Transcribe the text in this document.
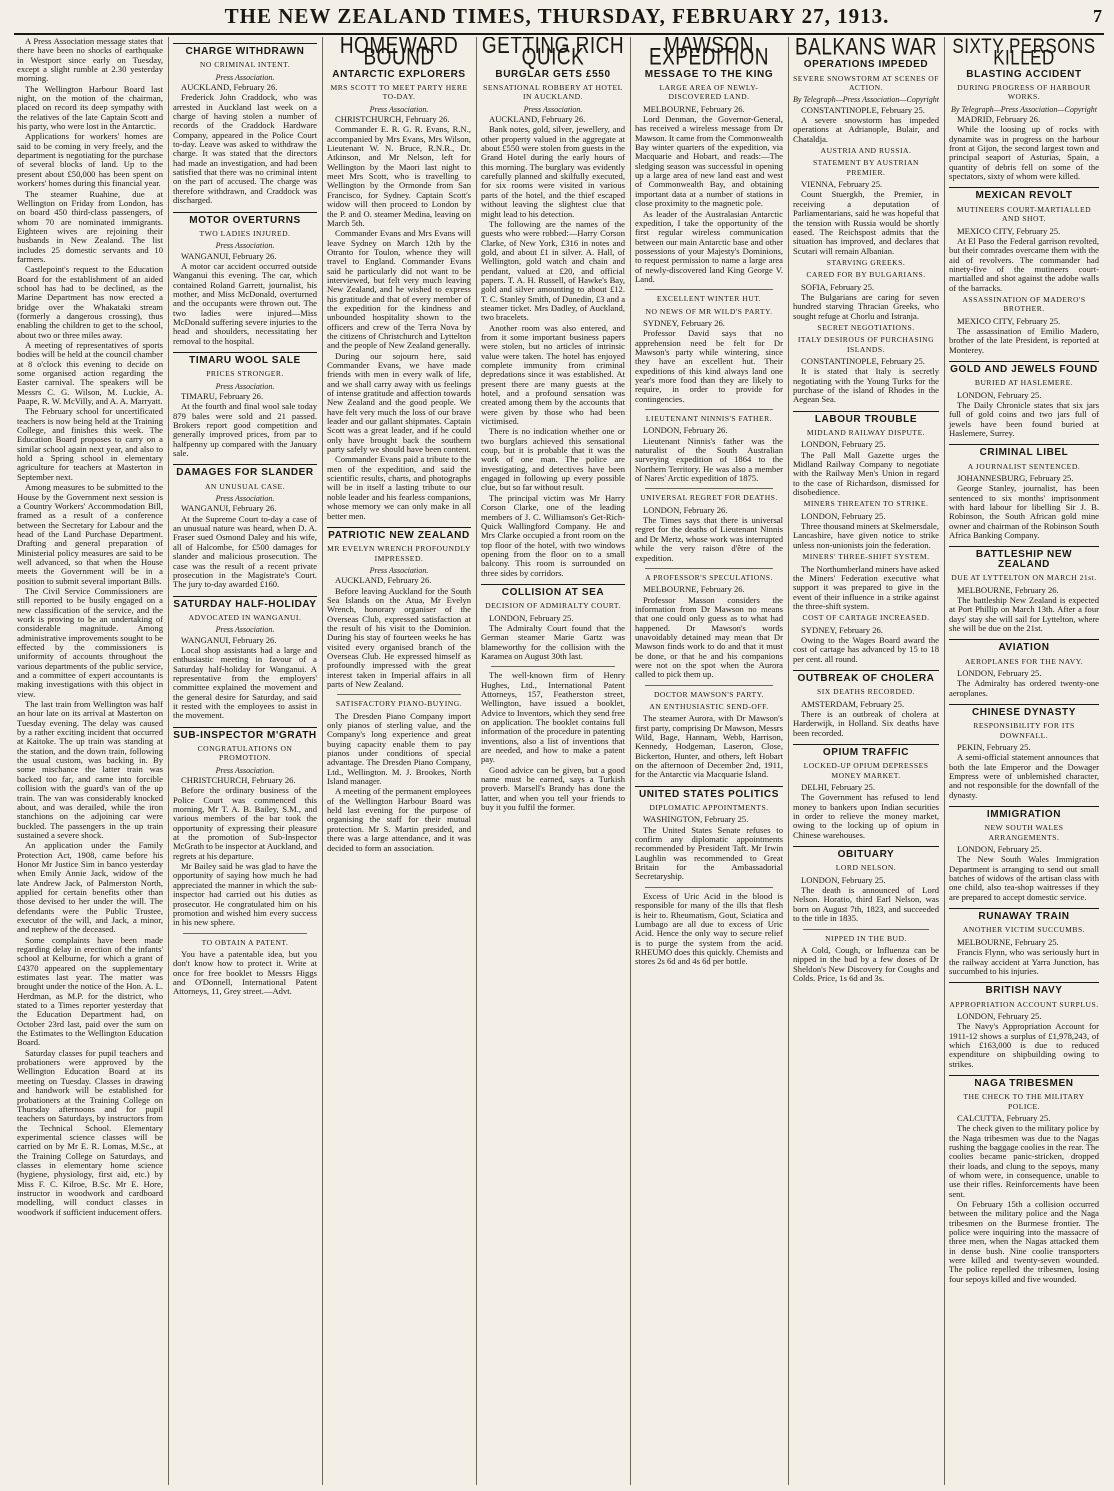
THE NEW ZEALAND TIMES, THURSDAY, FEBRUARY 27, 1913.	7

A Press Association message states that there have been no shocks of earthquake in Westport since early on Tuesday, except a slight rumble at 2.30 yesterday morning.

The Wellington Harbour Board last night, on the motion of the chairman, placed on record its deep sympathy with the relatives of the late Captain Scott and his party, who were lost in the Antarctic.

Applications for workers' homes are said to be coming in very freely, and the department is negotiating for the purchase of several blocks of land. Up to the present about £50,000 has been spent on workers' homes during this financial year.

The steamer Ruahine, due at Wellington on Friday from London, has on board 450 third-class passengers, of whom 70 are nominated immigrants. Eighteen wives are rejoining their husbands in New Zealand. The list includes 25 domestic servants and 10 farmers.

Castlepoint's request to the Education Board for the establishment of an aided school has had to be declined, as the Marine Department has now erected a bridge over the Whakataki stream (formerly a dangerous crossing), thus enabling the children to get to the school, about two or three miles away.

A meeting of representatives of sports bodies will be held at the council chamber at 8 o'clock this evening to decide on some organised action regarding the Easter carnival. The speakers will be Messrs C. G. Wilson, M. Luckie, A. Paape, R. W. McVilly, and A. A. Marryatt.

The February school for uncertificated teachers is now being held at the Training College, and finishes this week. The Education Board proposes to carry on a similar school again next year, and also to hold a Spring school in elementary agriculture for teachers at Masterton in September next.

Among measures to be submitted to the House by the Government next session is a Country Workers' Accommodation Bill, framed as a result of a conference between the Secretary for Labour and the head of the Land Purchase Department. Drafting and general preparation of Ministerial policy measures are said to be well advanced, so that when the House meets the Government will be in a position to submit several important Bills.

The Civil Service Commissioners are still reported to be busily engaged on a new classification of the service, and the work is proving to be an undertaking of considerable magnitude. Among administrative improvements sought to be effected by the commissioners is uniformity of accounts throughout the various departments of the public service, and a committee of expert accountants is making investigations with this object in view.

The last train from Wellington was half an hour late on its arrival at Masterton on Tuesday evening. The delay was caused by a rather exciting incident that occurred at Kaitoke. The up train was standing at the station, and the down train, following the usual custom, was backing in. By some mischance the latter train was backed too far, and came into forcible collision with the guard's van of the up train. The van was considerably knocked about, and was derailed, while the iron stanchions on the adjoining car were buckled. The passengers in the up train sustained a severe shock.

An application under the Family Protection Act, 1908, came before his Honor Mr Justice Sim in banco yesterday when Emily Annie Jack, widow of the late Andrew Jack, of Palmerston North, applied for certain benefits other than those devised to her under the will. The defendants were the Public Trustee, executor of the will, and Jack, a minor, and nephew of the deceased.

Some complaints have been made regarding delay in erection of the infants' school at Kelburne, for which a grant of £4370 appeared on the supplementary estimates last year. The matter was brought under the notice of the Hon. A. L. Herdman, as M.P. for the district, who stated to a Times reporter yesterday that the Education Department had, on October 23rd last, paid over the sum on the Estimates to the Wellington Education Board.

Saturday classes for pupil teachers and probationers were approved by the Wellington Education Board at its meeting on Tuesday. Classes in drawing and handwork will be established for probationers at the Training College on Thursday afternoons and for pupil teachers on Saturdays, by instructors from the Technical School. Elementary experimental science classes will be carried on by Mr E. R. Lomas, M.Sc., at the Training College on Saturdays, and classes in elementary home science (hygiene, physiology, first aid, etc.) by Miss F. C. Kilroe, B.Sc. Mr E. Hore, instructor in woodwork and cardboard modelling, will conduct classes in woodwork if sufficient inducement offers.

CHARGE WITHDRAWN
NO CRIMINAL INTENT.
Press Association.

AUCKLAND, February 26.

Frederick John Craddock, who was arrested in Auckland last week on a charge of having stolen a number of records of the Craddock Hardware Company, appeared in the Police Court to-day. Leave was asked to withdraw the charge. It was stated that the directors had made an investigation, and had been satisfied that there was no criminal intent on the part of accused. The charge was therefore withdrawn, and Craddock was discharged.

MOTOR OVERTURNS
TWO LADIES INJURED.
Press Association.

WANGANUI, February 26.

A motor car accident occurred outside Wanganui this evening. The car, which contained Roland Garrett, journalist, his mother, and Miss McDonald, overturned and the occupants were thrown out. The two ladies were injured—Miss McDonald suffering severe injuries to the head and shoulders, necessitating her removal to the hospital.

TIMARU WOOL SALE
PRICES STRONGER.
Press Association.

TIMARU, February 26.

At the fourth and final wool sale today 879 bales were sold and 21 passed. Brokers report good competition and generally improved prices, from par to halfpenny up compared with the January sale.

DAMAGES FOR SLANDER
AN UNUSUAL CASE.
Press Association.

WANGANUI, February 26.

At the Supreme Court to-day a case of an unusual nature was heard, when D. A. Fraser sued Osmond Daley and his wife, all of Halcombe, for £500 damages for slander and malicious prosecution. The case was the result of a recent private prosecution in the Magistrate's Court. The jury to-day awarded £160.

SATURDAY HALF-HOLIDAY
ADVOCATED IN WANGANUI.
Press Association.

WANGANUI, February 26.

Local shop assistants had a large and enthusiastic meeting in favour of a Saturday half-holiday for Wanganui. A representative from the employers' committee explained the movement and the general desire for Saturday, and said it rested with the employees to assist in the movement.

SUB-INSPECTOR M'GRATH
CONGRATULATIONS ON PROMOTION.
Press Association.

CHRISTCHURCH, February 26.

Before the ordinary business of the Police Court was commenced this morning, Mr T. A. B. Bailey, S.M., and various members of the bar took the opportunity of expressing their pleasure at the promotion of Sub-Inspector McGrath to be inspector at Auckland, and regrets at his departure.

Mr Bailey said he was glad to have the opportunity of saying how much he had appreciated the manner in which the sub-inspector had carried out his duties as prosecutor. He congratulated him on his promotion and wished him every success in his new sphere.

TO OBTAIN A PATENT.

You have a patentable idea, but you don't know how to protect it. Write at once for free booklet to Messrs Higgs and O'Donnell, International Patent Attorneys, 11, Grey street.—Advt.

HOMEWARD BOUND
ANTARCTIC EXPLORERS
MRS SCOTT TO MEET PARTY HERE TO-DAY.
Press Association.

CHRISTCHURCH, February 26.

Commander E. R. G. R. Evans, R.N., accompanied by Mrs Evans, Mrs Wilson, Lieutenant W. N. Bruce, R.N.R., Dr. Atkinson, and Mr Nelson, left for Wellington by the Maori last night to meet Mrs Scott, who is travelling to Wellington by the Ormonde from San Francisco, for Sydney. Captain Scott's widow will then proceed to London by the P. and O. steamer Medina, leaving on March 5th.

Commander Evans and Mrs Evans will leave Sydney on March 12th by the Otranto for Toulon, whence they will travel to England. Commander Evans said he particularly did not want to be interviewed, but felt very much leaving New Zealand, and he wished to express his gratitude and that of every member of the expedition for the kindness and unbounded hospitality shown to the officers and crew of the Terra Nova by the citizens of Christchurch and Lyttelton and the people of New Zealand generally.

During our sojourn here, said Commander Evans, we have made friends with men in every walk of life, and we shall carry away with us feelings of intense gratitude and affection towards New Zealand and the good people. We have felt very much the loss of our brave leader and our gallant shipmates. Captain Scott was a great leader, and if he could only have brought back the southern party safely we should have been content.

Commander Evans paid a tribute to the men of the expedition, and said the scientific results, charts, and photographs will be in itself a lasting tribute to our noble leader and his fearless companions, whose memory we can only make in all better men.

PATRIOTIC NEW ZEALAND
MR EVELYN WRENCH PROFOUNDLY IMPRESSED.
Press Association.

AUCKLAND, February 26.

Before leaving Auckland for the South Sea Islands on the Atua, Mr Evelyn Wrench, honorary organiser of the Overseas Club, expressed satisfaction at the result of his visit to the Dominion. During his stay of fourteen weeks he has visited every organised branch of the Overseas Club. He expressed himself as profoundly impressed with the great interest taken in Imperial affairs in all parts of New Zealand.

SATISFACTORY PIANO-BUYING.

The Dresden Piano Company import only pianos of sterling value, and the Company's long experience and great buying capacity enable them to pay pianos under conditions of special advantage. The Dresden Piano Company, Ltd., Wellington. M. J. Brookes, North Island manager.

A meeting of the permanent employees of the Wellington Harbour Board was held last evening for the purpose of organising the staff for their mutual protection. Mr S. Martin presided, and there was a large attendance, and it was decided to form an association.

GETTING RICH QUICK
BURGLAR GETS £550
SENSATIONAL ROBBERY AT HOTEL IN AUCKLAND.
Press Association.

AUCKLAND, February 26.

Bank notes, gold, silver, jewellery, and other property valued in the aggregate at about £550 were stolen from guests in the Grand Hotel during the early hours of this morning. The burglary was evidently carefully planned and skilfully executed, for six rooms were visited in various parts of the hotel, and the thief escaped without leaving the slightest clue that might lead to his detection.

The following are the names of the guests who were robbed:—Harry Corson Clarke, of New York, £316 in notes and gold, and about £1 in silver. A. Hall, of Wellington, gold watch and chain and pendant, valued at £20, and official papers. T. A. H. Russell, of Hawke's Bay, gold and silver amounting to about £12. T. C. Stanley Smith, of Dunedin, £3 and a steamer ticket. Mrs Dadley, of Auckland, two bracelets.

Another room was also entered, and from it some important business papers were stolen, but no articles of intrinsic value were taken. The hotel has enjoyed complete immunity from criminal depredations since it was established. At present there are many guests at the hotel, and a profound sensation was created among them by the accounts that were given by those who had been victimised.

There is no indication whether one or two burglars achieved this sensational coup, but it is probable that it was the work of one man. The police are investigating, and detectives have been engaged in following up every possible clue, but so far without result.

The principal victim was Mr Harry Corson Clarke, one of the leading members of J. C. Williamson's Get-Rich-Quick Wallingford Company. He and Mrs Clarke occupied a front room on the top floor of the hotel, with two windows opening from the floor on to a small balcony. This room is surrounded on three sides by corridors.

COLLISION AT SEA
DECISION OF ADMIRALTY COURT.

LONDON, February 25.

The Admiralty Court found that the German steamer Marie Gartz was blameworthy for the collision with the Karamea on August 30th last.

The well-known firm of Henry Hughes, Ltd., International Patent Attorneys, 157, Featherston street, Wellington, have issued a booklet, Advice to Inventors, which they send free on application. The booklet contains full information of the procedure in patenting inventions, also a list of inventions that are needed, and how to make a patent pay.

Good advice can be given, but a good name must be earned, says a Turkish proverb. Marsell's Brandy has done the latter, and when you tell your friends to buy it you fulfil the former.

MAWSON EXPEDITION
MESSAGE TO THE KING
LARGE AREA OF NEWLY-DISCOVERED LAND.

MELBOURNE, February 26.

Lord Denman, the Governor-General, has received a wireless message from Dr Mawson. It came from the Commonwealth Bay winter quarters of the expedition, via Macquarie and Hobart, and reads:—The sledging season was successful in opening up a large area of new land east and west of Commonwealth Bay, and obtaining important data at a number of stations in close proximity to the magnetic pole.

As leader of the Australasian Antarctic expedition, I take the opportunity of the first regular wireless communication between our main Antarctic base and other possessions of your Majesty's Dominions, to request permission to name a large area of newly-discovered land King George V. Land.

EXCELLENT WINTER HUT.
NO NEWS OF MR WILD'S PARTY.

SYDNEY, February 26.

Professor David says that no apprehension need be felt for Dr Mawson's party while wintering, since they have an excellent hut. Their expeditions of this kind always land one year's more food than they are likely to require, in order to provide for contingencies.

LIEUTENANT NINNIS'S FATHER.

LONDON, February 26.

Lieutenant Ninnis's father was the naturalist of the South Australian surveying expedition of 1864 to the Northern Territory. He was also a member of Nares' Arctic expedition of 1875.

UNIVERSAL REGRET FOR DEATHS.

LONDON, February 26.

The Times says that there is universal regret for the deaths of Lieutenant Ninnis and Dr Mertz, whose work was interrupted while the very raison d'être of the expedition.

A PROFESSOR'S SPECULATIONS.

MELBOURNE, February 26.

Professor Masson considers the information from Dr Mawson no means that one could only guess as to what had happened. Dr Mawson's words unavoidably detained may mean that Dr Mawson finds work to do and that it must be done, or that he and his companions were not on the spot when the Aurora called to pick them up.

DOCTOR MAWSON'S PARTY.
AN ENTHUSIASTIC SEND-OFF.

The steamer Aurora, with Dr Mawson's first party, comprising Dr Mawson, Messrs Wild, Bage, Hannam, Webb, Harrison, Kennedy, Hodgeman, Laseron, Close, Bickerton, Hunter, and others, left Hobart on the afternoon of December 2nd, 1911, for the Antarctic via Macquarie Island.

UNITED STATES POLITICS
DIPLOMATIC APPOINTMENTS.

WASHINGTON, February 25.

The United States Senate refuses to confirm any diplomatic appointments recommended by President Taft. Mr Irwin Laughlin was recommended to Great Britain for the Ambassadorial Secretaryship.

Excess of Uric Acid in the blood is responsible for many of the ills that flesh is heir to. Rheumatism, Gout, Sciatica and Lumbago are all due to excess of Uric Acid. Hence the only way to secure relief is to purge the system from the acid. RHEUMO does this quickly. Chemists and stores 2s 6d and 4s 6d per bottle.

BALKANS WAR
OPERATIONS IMPEDED
SEVERE SNOWSTORM AT SCENES OF ACTION.
By Telegraph—Press Association—Copyright

CONSTANTINOPLE, February 25.

A severe snowstorm has impeded operations at Adrianople, Bulair, and Chataldja.

AUSTRIA AND RUSSIA.
STATEMENT BY AUSTRIAN PREMIER.

VIENNA, February 25.

Count Stuergkh, the Premier, in receiving a deputation of Parliamentarians, said he was hopeful that the tension with Russia would be shortly eased. The Reichspost admits that the situation has improved, and declares that Scutari will remain Albanian.

STARVING GREEKS.
CARED FOR BY BULGARIANS.

SOFIA, February 25.

The Bulgarians are caring for seven hundred starving Thracian Greeks, who sought refuge at Chorlu and Istranja.

SECRET NEGOTIATIONS.
ITALY DESIROUS OF PURCHASING ISLANDS.

CONSTANTINOPLE, February 25.

It is stated that Italy is secretly negotiating with the Young Turks for the purchase of the island of Rhodes in the Aegean Sea.

LABOUR TROUBLE
MIDLAND RAILWAY DISPUTE.

LONDON, February 25.

The Pall Mall Gazette urges the Midland Railway Company to negotiate with the Railway Men's Union in regard to the case of Richardson, dismissed for disobedience.

MINERS THREATEN TO STRIKE.

LONDON, February 25.

Three thousand miners at Skelmersdale, Lancashire, have given notice to strike unless non-unionists join the federation.

MINERS' THREE-SHIFT SYSTEM.

The Northumberland miners have asked the Miners' Federation executive what support it was prepared to give in the event of their influence in a strike against the three-shift system.

COST OF CARTAGE INCREASED.

SYDNEY, February 26.

Owing to the Wages Board award the cost of cartage has advanced by 15 to 18 per cent. all round.

OUTBREAK OF CHOLERA
SIX DEATHS RECORDED.

AMSTERDAM, February 25.

There is an outbreak of cholera at Harderwijk, in Holland. Six deaths have been recorded.

OPIUM TRAFFIC
LOCKED-UP OPIUM DEPRESSES MONEY MARKET.

DELHI, February 25.

The Government has refused to lend money to bankers upon Indian securities in order to relieve the money market, owing to the locking up of opium in Chinese warehouses.

OBITUARY
LORD NELSON.

LONDON, February 25.

The death is announced of Lord Nelson. Horatio, third Earl Nelson, was born on August 7th, 1823, and succeeded to the title in 1835.

NIPPED IN THE BUD.

A Cold, Cough, or Influenza can be nipped in the bud by a few doses of Dr Sheldon's New Discovery for Coughs and Colds. Price, 1s 6d and 3s.

SIXTY PERSONS KILLED
BLASTING ACCIDENT
DURING PROGRESS OF HARBOUR WORKS.
By Telegraph—Press Association—Copyright

MADRID, February 26.

While the loosing up of rocks with dynamite was in progress on the harbour front at Gijon, the second largest town and principal seaport of Asturias, Spain, a quantity of debris fell on some of the spectators, sixty of whom were killed.

MEXICAN REVOLT
MUTINEERS COURT-MARTIALLED AND SHOT.

MEXICO CITY, February 25.

At El Paso the Federal garrison revolted, but their comrades overcame them with the aid of revolvers. The commander had ninety-five of the mutineers court-martialled and shot against the adobe walls of the barracks.

ASSASSINATION OF MADERO'S BROTHER.

MEXICO CITY, February 25.

The assassination of Emilio Madero, brother of the late President, is reported at Monterey.

GOLD AND JEWELS FOUND
BURIED AT HASLEMERE.

LONDON, February 25.

The Daily Chronicle states that six jars full of gold coins and two jars full of jewels have been found buried at Haslemere, Surrey.

CRIMINAL LIBEL
A JOURNALIST SENTENCED.

JOHANNESBURG, February 25.

George Stanley, journalist, has been sentenced to six months' imprisonment with hard labour for libelling Sir J. B. Robinson, the South African gold mine owner and chairman of the Robinson South Africa Banking Company.

BATTLESHIP NEW ZEALAND
DUE AT LYTTELTON ON MARCH 21st.

MELBOURNE, February 26.

The battleship New Zealand is expected at Port Phillip on March 13th. After a four days' stay she will sail for Lyttelton, where she will be due on the 21st.

AVIATION
AEROPLANES FOR THE NAVY.

LONDON, February 25.

The Admiralty has ordered twenty-one aeroplanes.

CHINESE DYNASTY
RESPONSIBILITY FOR ITS DOWNFALL.

PEKIN, February 25.

A semi-official statement announces that both the late Emperor and the Dowager Empress were of unblemished character, and not responsible for the downfall of the dynasty.

IMMIGRATION
NEW SOUTH WALES ARRANGEMENTS.

LONDON, February 25.

The New South Wales Immigration Department is arranging to send out small batches of widows of the artisan class with one child, also tea-shop waitresses if they are prepared to accept domestic service.

RUNAWAY TRAIN
ANOTHER VICTIM SUCCUMBS.

MELBOURNE, February 25.

Francis Flynn, who was seriously hurt in the railway accident at Yarra Junction, has succumbed to his injuries.

BRITISH NAVY
APPROPRIATION ACCOUNT SURPLUS.

LONDON, February 25.

The Navy's Appropriation Account for 1911-12 shows a surplus of £1,978,243, of which £163,000 is due to reduced expenditure on shipbuilding owing to strikes.

NAGA TRIBESMEN
THE CHECK TO THE MILITARY POLICE.

CALCUTTA, February 25.

The check given to the military police by the Naga tribesmen was due to the Nagas rushing the baggage coolies in the rear. The coolies became panic-stricken, dropped their loads, and clung to the sepoys, many of whom were, in consequence, unable to use their rifles. Reinforcements have been sent.

On February 15th a collision occurred between the military police and the Naga tribesmen on the Burmese frontier. The police were inquiring into the massacre of three men, when the Nagas attacked them in dense bush. Nine coolie transporters were killed and twenty-seven wounded. The police repelled the tribesmen, losing four sepoys killed and five wounded.
